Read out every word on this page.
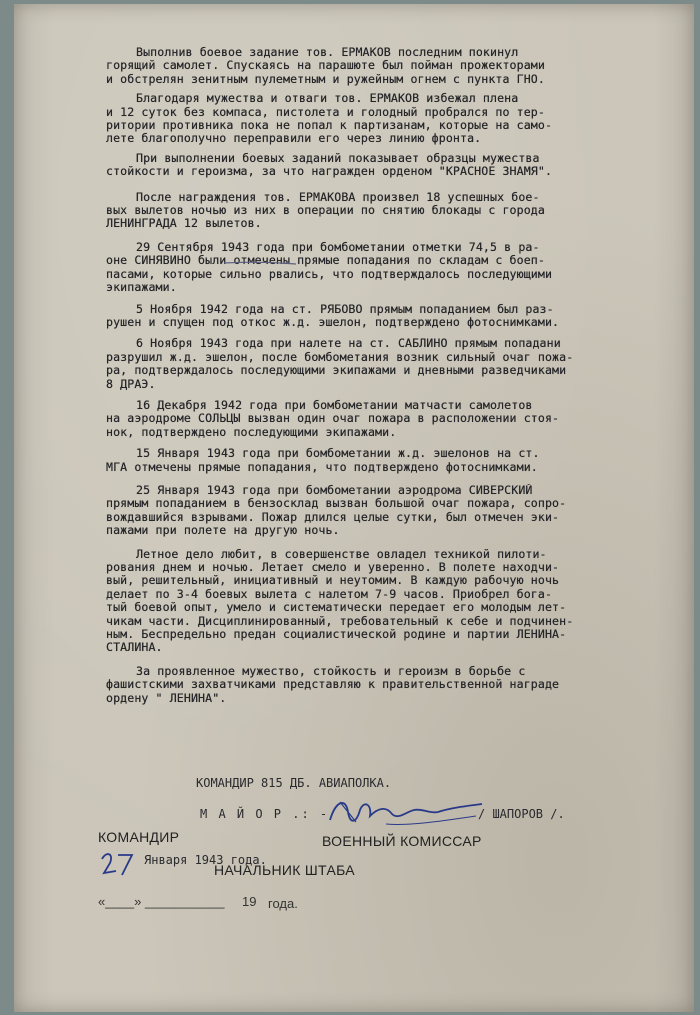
Выполнив боевое задание тов. ЕРМАКОВ последним покинул
горящий самолет. Спускаясь на парашюте был пойман прожекторами
и обстрелян зенитным пулеметным и ружейным огнем с пункта ГНО.
Благодаря мужества и отваги тов. ЕРМАКОВ избежал плена
и 12 суток без компаса, пистолета и голодный пробрался по тер-
ритории противника пока не попал к партизанам, которые на само-
лете благополучно переправили его через линию фронта.
При выполнении боевых заданий показывает образцы мужества
стойкости и героизма, за что награжден орденом "КРАСНОЕ ЗНАМЯ".
После награждения тов. ЕРМАКОВА произвел 18 успешных бое-
вых вылетов ночью из них в операции по снятию блокады с города
ЛЕНИНГРАДА 12 вылетов.
29 Сентября 1943 года при бомбометании отметки 74,5 в ра-
оне СИНЯВИНО были отмечены прямые попадания по складам с боеп-
пасами, которые сильно рвались, что подтверждалось последующими
экипажами.
5 Ноября 1942 года на ст. РЯБОВО прямым попаданием был раз-
рушен и спущен под откос ж.д. эшелон, подтверждено фотоснимками.
6 Ноября 1943 года при налете на ст. САБЛИНО прямым попадани
разрушил ж.д. эшелон, после бомбометания возник сильный очаг пожа-
ра, подтверждалось последующими экипажами и дневными разведчиками
8 ДРАЭ.
16 Декабря 1942 года при бомбометании матчасти самолетов
на аэродроме СОЛЬЦЫ вызван один очаг пожара в расположении стоя-
нок, подтверждено последующими экипажами.
15 Января 1943 года при бомбометании ж.д. эшелонов на ст.
МГА отмечены прямые попадания, что подтверждено фотоснимками.
25 Января 1943 года при бомбометании аэродрома СИВЕРСКИЙ
прямым попаданием в бензосклад вызван большой очаг пожара, сопро-
вождавшийся взрывами. Пожар длился целые сутки, был отмечен эки-
пажами при полете на другую ночь.
Летное дело любит, в совершенстве овладел техникой пилоти-
рования днем и ночью. Летает смело и уверенно. В полете находчи-
вый, решительный, инициативный и неутомим. В каждую рабочую ночь
делает по 3-4 боевых вылета с налетом 7-9 часов. Приобрел бога-
тый боевой опыт, умело и систематически передает его молодым лет-
чикам части. Дисциплинированный, требовательный к себе и подчинен-
ным. Беспредельно предан социалистической родине и партии ЛЕНИНА-
СТАЛИНА.
За проявленное мужество, стойкость и героизм в борьбе с
фашистскими захватчиками представляю к правительственной награде
ордену " ЛЕНИНА".
КОМАНДИР 815 ДБ. АВИАПОЛКА.
М А Й О Р .: -	/ ШАПОРОВ /.
КОМАНДИР	ВОЕННЫЙ КОМИССАР
Января 1943 года.
НАЧАЛЬНИК ШТАБА
«____» ___________ 19 года.
